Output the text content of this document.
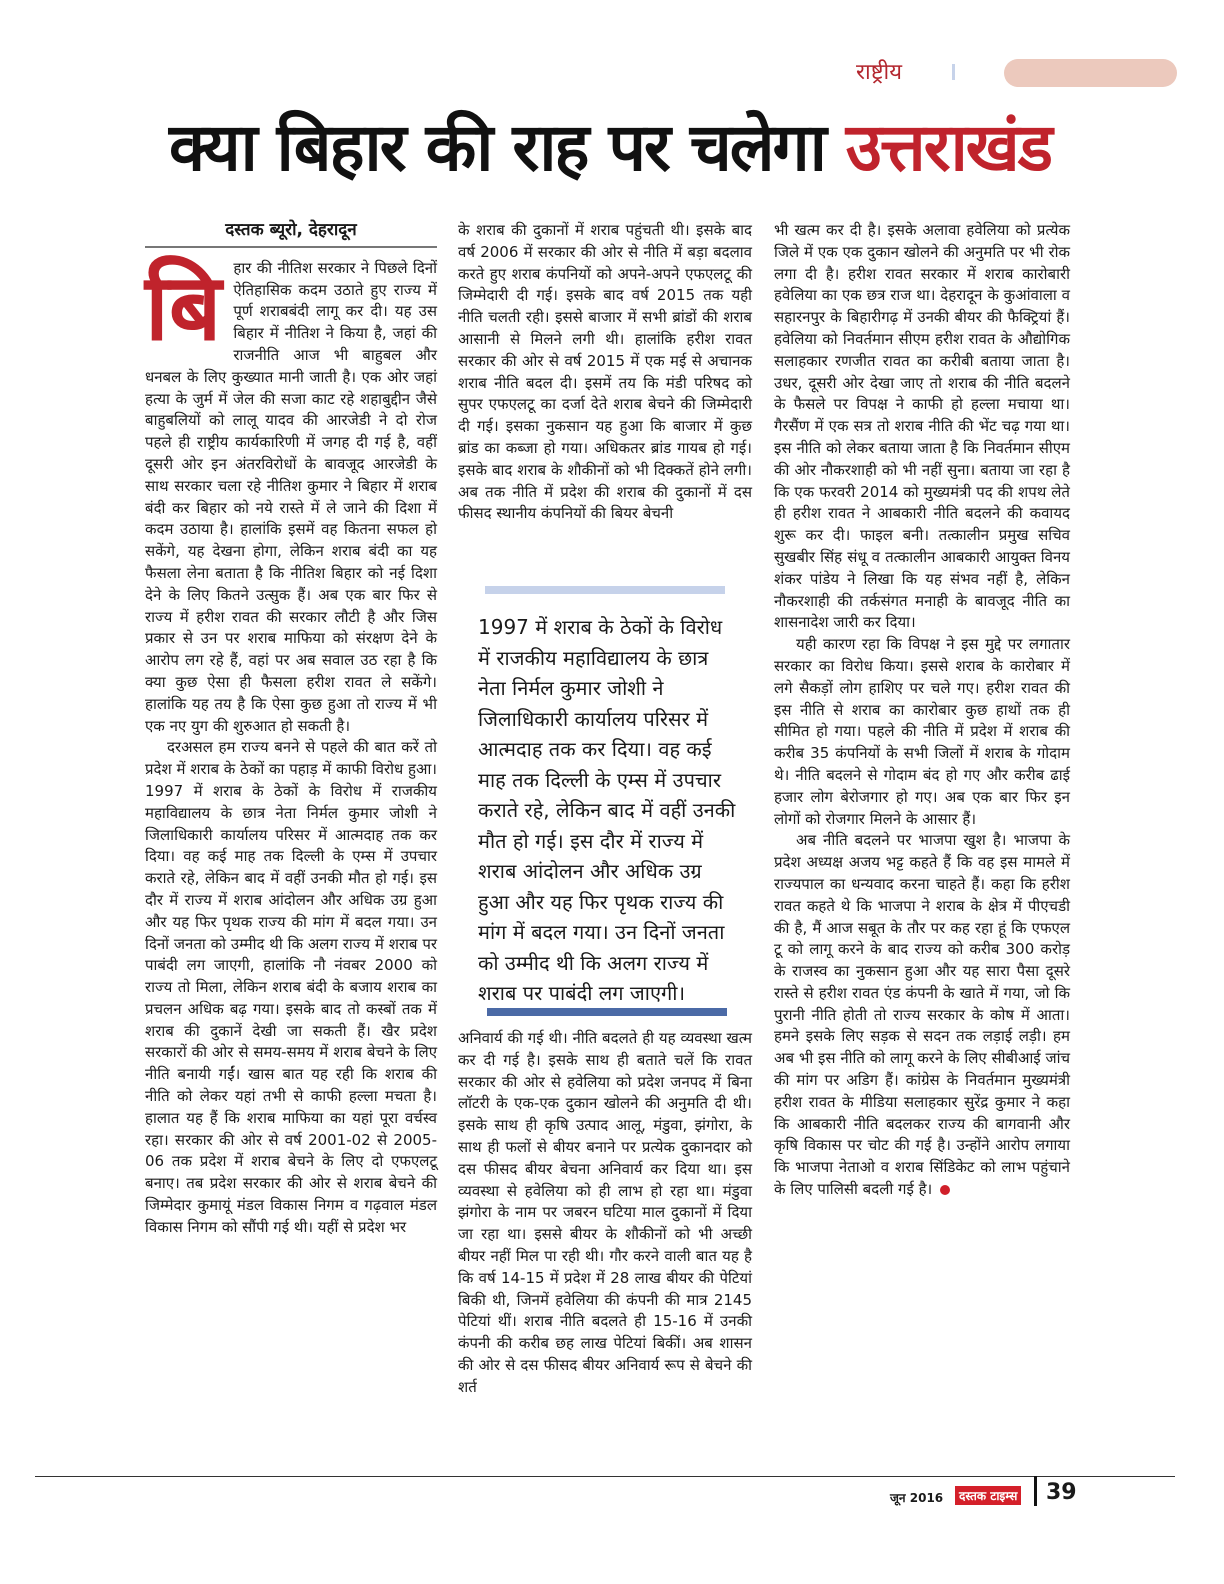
राष्ट्रीय
क्या बिहार की राह पर चलेगा उत्तराखंड
दस्तक ब्यूरो, देहरादून
बि हार की नीतिश सरकार ने पिछले दिनों ऐतिहासिक कदम उठाते हुए राज्य में पूर्ण शराबबंदी लागू कर दी। यह उस बिहार में नीतिश ने किया है, जहां की राजनीति आज भी बाहुबल और धनबल के लिए कुख्यात मानी जाती है। एक ओर जहां हत्या के जुर्म में जेल की सजा काट रहे शहाबुद्दीन जैसे बाहुबलियों को लालू यादव की आरजेडी ने दो रोज पहले ही राष्ट्रीय कार्यकारिणी में जगह दी गई है, वहीं दूसरी ओर इन अंतरविरोधों के बावजूद आरजेडी के साथ सरकार चला रहे नीतिश कुमार ने बिहार में शराब बंदी कर बिहार को नये रास्ते में ले जाने की दिशा में कदम उठाया है। हालांकि इसमें वह कितना सफल हो सकेंगे, यह देखना होगा, लेकिन शराब बंदी का यह फैसला लेना बताता है कि नीतिश बिहार को नई दिशा देने के लिए कितने उत्सुक हैं। अब एक बार फिर से राज्य में हरीश रावत की सरकार लौटी है और जिस प्रकार से उन पर शराब माफिया को संरक्षण देने के आरोप लग रहे हैं, वहां पर अब सवाल उठ रहा है कि क्या कुछ ऐसा ही फैसला हरीश रावत ले सकेंगे। हालांकि यह तय है कि ऐसा कुछ हुआ तो राज्य में भी एक नए युग की शुरुआत हो सकती है।

दरअसल हम राज्य बनने से पहले की बात करें तो प्रदेश में शराब के ठेकों का पहाड़ में काफी विरोध हुआ। 1997 में शराब के ठेकों के विरोध में राजकीय महाविद्यालय के छात्र नेता निर्मल कुमार जोशी ने जिलाधिकारी कार्यालय परिसर में आत्मदाह तक कर दिया। वह कई माह तक दिल्ली के एम्स में उपचार कराते रहे, लेकिन बाद में वहीं उनकी मौत हो गई। इस दौर में राज्य में शराब आंदोलन और अधिक उग्र हुआ और यह फिर पृथक राज्य की मांग में बदल गया। उन दिनों जनता को उम्मीद थी कि अलग राज्य में शराब पर पाबंदी लग जाएगी, हालांकि नौ नंवबर 2000 को राज्य तो मिला, लेकिन शराब बंदी के बजाय शराब का प्रचलन अधिक बढ़ गया। इसके बाद तो कस्बों तक में शराब की दुकानें देखी जा सकती हैं। खैर प्रदेश सरकारों की ओर से समय-समय में शराब बेचने के लिए नीति बनायी गईं। खास बात यह रही कि शराब की नीति को लेकर यहां तभी से काफी हल्ला मचता है। हालात यह हैं कि शराब माफिया का यहां पूरा वर्चस्व रहा। सरकार की ओर से वर्ष 2001-02 से 2005-06 तक प्रदेश में शराब बेचने के लिए दो एफएलटू बनाए। तब प्रदेश सरकार की ओर से शराब बेचने की जिम्मेदार कुमायूं मंडल विकास निगम व गढ़वाल मंडल विकास निगम को सौंपी गई थी। यहीं से प्रदेश भर

के शराब की दुकानों में शराब पहुंचती थी। इसके बाद वर्ष 2006 में सरकार की ओर से नीति में बड़ा बदलाव करते हुए शराब कंपनियों को अपने-अपने एफएलटू की जिम्मेदारी दी गई। इसके बाद वर्ष 2015 तक यही नीति चलती रही। इससे बाजार में सभी ब्रांडों की शराब आसानी से मिलने लगी थी। हालांकि हरीश रावत सरकार की ओर से वर्ष 2015 में एक मई से अचानक शराब नीति बदल दी। इसमें तय कि मंडी परिषद को सुपर एफएलटू का दर्जा देते शराब बेचने की जिम्मेदारी दी गई। इसका नुकसान यह हुआ कि बाजार में कुछ ब्रांड का कब्जा हो गया। अधिकतर ब्रांड गायब हो गई। इसके बाद शराब के शौकीनों को भी दिक्कतें होने लगी। अब तक नीति में प्रदेश की शराब की दुकानों में दस फीसद स्थानीय कंपनियों की बियर बेचनी

1997 में शराब के ठेकों के विरोध में राजकीय महाविद्यालय के छात्र नेता निर्मल कुमार जोशी ने जिलाधिकारी कार्यालय परिसर में आत्मदाह तक कर दिया। वह कई माह तक दिल्ली के एम्स में उपचार कराते रहे, लेकिन बाद में वहीं उनकी मौत हो गई। इस दौर में राज्य में शराब आंदोलन और अधिक उग्र हुआ और यह फिर पृथक राज्य की मांग में बदल गया। उन दिनों जनता को उम्मीद थी कि अलग राज्य में शराब पर पाबंदी लग जाएगी।

अनिवार्य की गई थी। नीति बदलते ही यह व्यवस्था खत्म कर दी गई है। इसके साथ ही बताते चलें कि रावत सरकार की ओर से हवेलिया को प्रदेश जनपद में बिना लॉटरी के एक-एक दुकान खोलने की अनुमति दी थी। इसके साथ ही कृषि उत्पाद आलू, मंडुवा, झंगोरा, के साथ ही फलों से बीयर बनाने पर प्रत्येक दुकानदार को दस फीसद बीयर बेचना अनिवार्य कर दिया था। इस व्यवस्था से हवेलिया को ही लाभ हो रहा था। मंडुवा झंगोरा के नाम पर जबरन घटिया माल दुकानों में दिया जा रहा था। इससे बीयर के शौकीनों को भी अच्छी बीयर नहीं मिल पा रही थी। गौर करने वाली बात यह है कि वर्ष 14-15 में प्रदेश में 28 लाख बीयर की पेटियां बिकी थी, जिनमें हवेलिया की कंपनी की मात्र 2145 पेटियां थीं। शराब नीति बदलते ही 15-16 में उनकी कंपनी की करीब छह लाख पेटियां बिकीं। अब शासन की ओर से दस फीसद बीयर अनिवार्य रूप से बेचने की शर्त

भी खत्म कर दी है। इसके अलावा हवेलिया को प्रत्येक जिले में एक एक दुकान खोलने की अनुमति पर भी रोक लगा दी है। हरीश रावत सरकार में शराब कारोबारी हवेलिया का एक छत्र राज था। देहरादून के कुआंवाला व सहारनपुर के बिहारीगढ़ में उनकी बीयर की फैक्ट्रियां हैं। हवेलिया को निवर्तमान सीएम हरीश रावत के औद्योगिक सलाहकार रणजीत रावत का करीबी बताया जाता है। उधर, दूसरी ओर देखा जाए तो शराब की नीति बदलने के फैसले पर विपक्ष ने काफी हो हल्ला मचाया था। गैरसैंण में एक सत्र तो शराब नीति की भेंट चढ़ गया था। इस नीति को लेकर बताया जाता है कि निवर्तमान सीएम की ओर नौकरशाही को भी नहीं सुना। बताया जा रहा है कि एक फरवरी 2014 को मुख्यमंत्री पद की शपथ लेते ही हरीश रावत ने आबकारी नीति बदलने की कवायद शुरू कर दी। फाइल बनी। तत्कालीन प्रमुख सचिव सुखबीर सिंह संधू व तत्कालीन आबकारी आयुक्त विनय शंकर पांडेय ने लिखा कि यह संभव नहीं है, लेकिन नौकरशाही की तर्कसंगत मनाही के बावजूद नीति का शासनादेश जारी कर दिया।

यही कारण रहा कि विपक्ष ने इस मुद्दे पर लगातार सरकार का विरोध किया। इससे शराब के कारोबार में लगे सैकड़ों लोग हाशिए पर चले गए। हरीश रावत की इस नीति से शराब का कारोबार कुछ हाथों तक ही सीमित हो गया। पहले की नीति में प्रदेश में शराब की करीब 35 कंपनियों के सभी जिलों में शराब के गोदाम थे। नीति बदलने से गोदाम बंद हो गए और करीब ढाई हजार लोग बेरोजगार हो गए। अब एक बार फिर इन लोगों को रोजगार मिलने के आसार हैं।

अब नीति बदलने पर भाजपा खुश है। भाजपा के प्रदेश अध्यक्ष अजय भट्ट कहते हैं कि वह इस मामले में राज्यपाल का धन्यवाद करना चाहते हैं। कहा कि हरीश रावत कहते थे कि भाजपा ने शराब के क्षेत्र में पीएचडी की है, मैं आज सबूत के तौर पर कह रहा हूं कि एफएल टू को लागू करने के बाद राज्य को करीब 300 करोड़ के राजस्व का नुकसान हुआ और यह सारा पैसा दूसरे रास्ते से हरीश रावत एंड कंपनी के खाते में गया, जो कि पुरानी नीति होती तो राज्य सरकार के कोष में आता। हमने इसके लिए सड़क से सदन तक लड़ाई लड़ी। हम अब भी इस नीति को लागू करने के लिए सीबीआई जांच की मांग पर अडिग हैं। कांग्रेस के निवर्तमान मुख्यमंत्री हरीश रावत के मीडिया सलाहकार सुरेंद्र कुमार ने कहा कि आबकारी नीति बदलकर राज्य की बागवानी और कृषि विकास पर चोट की गई है। उन्होंने आरोप लगाया कि भाजपा नेताओ व शराब सिंडिकेट को लाभ पहुंचाने के लिए पालिसी बदली गई है।

जून 2016	दस्तक टाइम्स 39
